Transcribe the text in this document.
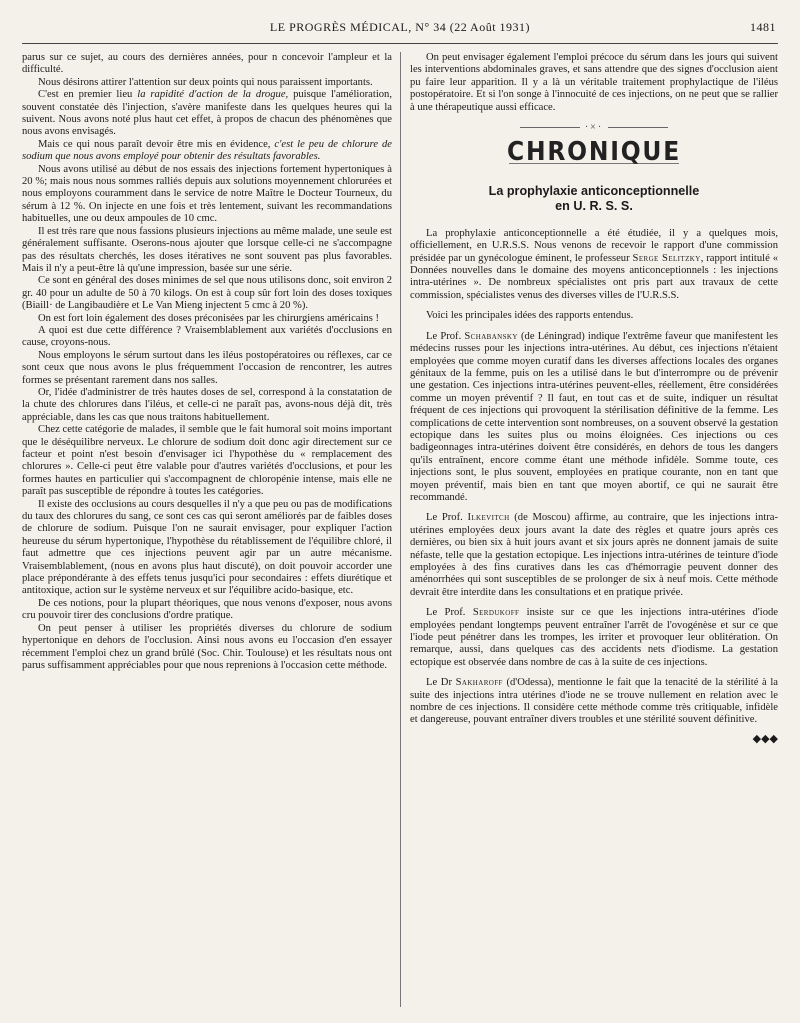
LE PROGRÈS MÉDICAL, N° 34 (22 Août 1931)	1481

parus sur ce sujet, au cours des dernières années, pour n concevoir l'ampleur et la difficulté.

Nous désirons attirer l'attention sur deux points qui nous paraissent importants.

C'est en premier lieu la rapidité d'action de la drogue, puisque l'amélioration, souvent constatée dès l'injection, s'avère manifeste dans les quelques heures qui la suivent. Nous avons noté plus haut cet effet, à propos de chacun des phénomènes que nous avons envisagés.

Mais ce qui nous paraît devoir être mis en évidence, c'est le peu de chlorure de sodium que nous avons employé pour obtenir des résultats favorables.

Nous avons utilisé au début de nos essais des injections fortement hypertoniques à 20 %; mais nous nous sommes ralliés depuis aux solutions moyennement chlorurées et nous employons couramment dans le service de notre Maître le Docteur Tourneux, du sérum à 12 %. On injecte en une fois et très lentement, suivant les recommandations habituelles, une ou deux ampoules de 10 cmc.

Il est très rare que nous fassions plusieurs injections au même malade, une seule est généralement suffisante. Oserons-nous ajouter que lorsque celle-ci ne s'accompagne pas des résultats cherchés, les doses itératives ne sont souvent pas plus favorables. Mais il n'y a peut-être là qu'une impression, basée sur une série.

Ce sont en général des doses minimes de sel que nous utilisons donc, soit environ 2 gr. 40 pour un adulte de 50 à 70 kilogs. On est à coup sûr fort loin des doses toxiques (Biaill· de Langibaudière et Le Van Mieng injectent 5 cmc à 20 %).

On est fort loin également des doses préconisées par les chirurgiens américains !

A quoi est due cette différence ? Vraisemblablement aux variétés d'occlusions en cause, croyons-nous.

Nous employons le sérum surtout dans les iléus postopératoires ou réflexes, car ce sont ceux que nous avons le plus fréquemment l'occasion de rencontrer, les autres formes se présentant rarement dans nos salles.

Or, l'idée d'administrer de très hautes doses de sel, correspond à la constatation de la chute des chlorures dans l'iléus, et celle-ci ne paraît pas, avons-nous déjà dit, très appréciable, dans les cas que nous traitons habituellement.

Chez cette catégorie de malades, il semble que le fait humoral soit moins important que le déséquilibre nerveux. Le chlorure de sodium doit donc agir directement sur ce facteur et point n'est besoin d'envisager ici l'hypothèse du « remplacement des chlorures ». Celle-ci peut être valable pour d'autres variétés d'occlusions, et pour les formes hautes en particulier qui s'accompagnent de chloropénie intense, mais elle ne paraît pas susceptible de répondre à toutes les catégories.

Il existe des occlusions au cours desquelles il n'y a que peu ou pas de modifications du taux des chlorures du sang, ce sont ces cas qui seront améliorés par de faibles doses de chlorure de sodium. Puisque l'on ne saurait envisager, pour expliquer l'action heureuse du sérum hypertonique, l'hypothèse du rétablissement de l'équilibre chloré, il faut admettre que ces injections peuvent agir par un autre mécanisme. Vraisemblablement, (nous en avons plus haut discuté), on doit pouvoir accorder une place prépondérante à des effets tenus jusqu'ici pour secondaires : effets diurétique et antitoxique, action sur le système nerveux et sur l'équilibre acido-basique, etc.

De ces notions, pour la plupart théoriques, que nous venons d'exposer, nous avons cru pouvoir tirer des conclusions d'ordre pratique.

On peut penser à utiliser les propriétés diverses du chlorure de sodium hypertonique en dehors de l'occlusion. Ainsi nous avons eu l'occasion d'en essayer récemment l'emploi chez un grand brûlé (Soc. Chir. Toulouse) et les résultats nous ont parus suffisamment appréciables pour que nous reprenions à l'occasion cette méthode.

On peut envisager également l'emploi précoce du sérum dans les jours qui suivent les interventions abdominales graves, et sans attendre que des signes d'occlusion aient pu faire leur apparition. Il y a là un véritable traitement prophylactique de l'iléus postopératoire. Et si l'on songe à l'innocuité de ces injections, on ne peut que se rallier à une thérapeutique aussi efficace.

·×·
CHRONIQUE
La prophylaxie anticonceptionnelle
en U. R. S. S.

La prophylaxie anticonceptionnelle a été étudiée, il y a quelques mois, officiellement, en U.R.S.S. Nous venons de recevoir le rapport d'une commission présidée par un gynécologue éminent, le professeur Serge Selitzky, rapport intitulé « Données nouvelles dans le domaine des moyens anticonceptionnels : les injections intra-utérines ». De nombreux spécialistes ont pris part aux travaux de cette commission, spécialistes venus des diverses villes de l'U.R.S.S.

Voici les principales idées des rapports entendus.

Le Prof. Schabansky (de Léningrad) indique l'extrême faveur que manifestent les médecins russes pour les injections intra-utérines. Au début, ces injections n'étaient employées que comme moyen curatif dans les diverses affections locales des organes génitaux de la femme, puis on les a utilisé dans le but d'interrompre ou de prévenir une gestation. Ces injections intra-utérines peuvent-elles, réellement, être considérées comme un moyen préventif ? Il faut, en tout cas et de suite, indiquer un résultat fréquent de ces injections qui provoquent la stérilisation définitive de la femme. Les complications de cette intervention sont nombreuses, on a souvent observé la gestation ectopique dans les suites plus ou moins éloignées. Ces injections ou ces badigeonnages intra-utérines doivent être considérés, en dehors de tous les dangers qu'ils entraînent, encore comme étant une méthode infidèle. Somme toute, ces injections sont, le plus souvent, employées en pratique courante, non en tant que moyen préventif, mais bien en tant que moyen abortif, ce qui ne saurait être recommandé.

Le Prof. Ilkevitch (de Moscou) affirme, au contraire, que les injections intra-utérines employées deux jours avant la date des règles et quatre jours après ces dernières, ou bien six à huit jours avant et six jours après ne donnent jamais de suite néfaste, telle que la gestation ectopique. Les injections intra-utérines de teinture d'iode employées à des fins curatives dans les cas d'hémorragie peuvent donner des aménorrhées qui sont susceptibles de se prolonger de six à neuf mois. Cette méthode devrait être interdite dans les consultations et en pratique privée.

Le Prof. Serdukoff insiste sur ce que les injections intra-utérines d'iode employées pendant longtemps peuvent entraîner l'arrêt de l'ovogénèse et sur ce que l'iode peut pénétrer dans les trompes, les irriter et provoquer leur oblitération. On remarque, aussi, dans quelques cas des accidents nets d'iodisme. La gestation ectopique est observée dans nombre de cas à la suite de ces injections.

Le Dr Sakharoff (d'Odessa), mentionne le fait que la tenacité de la stérilité à la suite des injections intra utérines d'iode ne se trouve nullement en relation avec le nombre de ces injections. Il considère cette méthode comme très critiquable, infidèle et dangereuse, pouvant entraîner divers troubles et une stérilité souvent définitive.

◆◆◆
